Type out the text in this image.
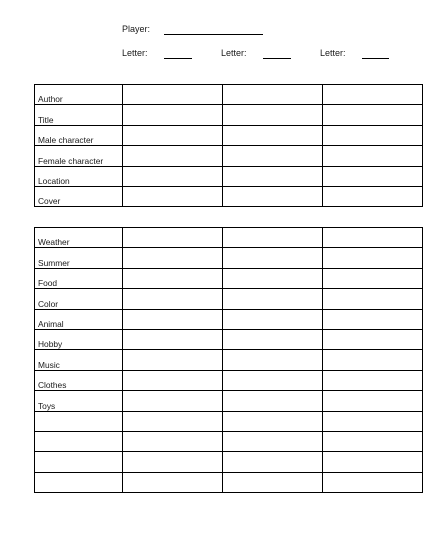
Player:
Letter:	Letter:	Letter:
Author			
Title			
Male character			
Female character			
Location			
Cover			
Weather			
Summer			
Food			
Color			
Animal			
Hobby			
Music			
Clothes			
Toys			
